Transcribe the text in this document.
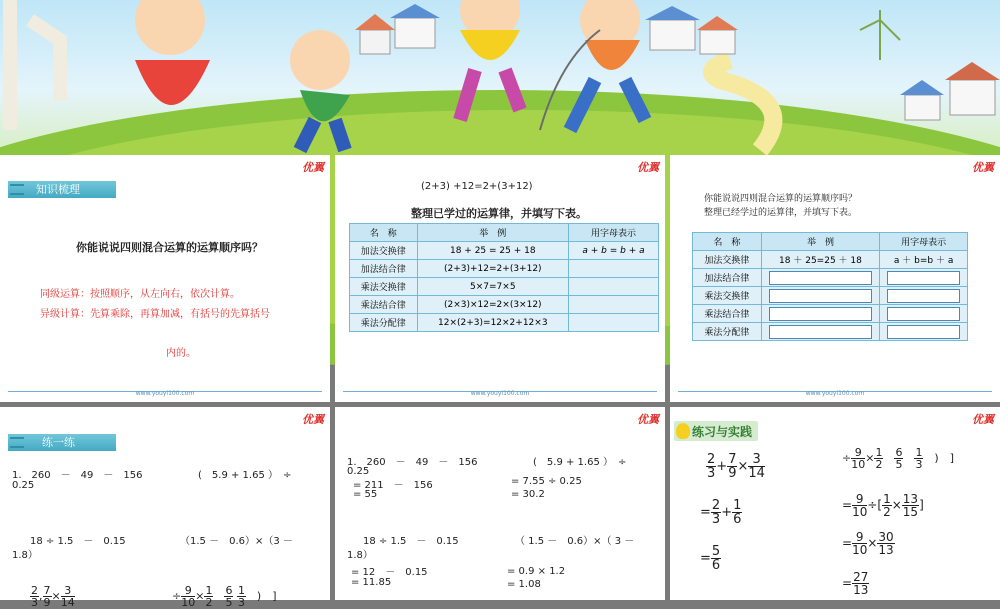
优翼
知识梳理
你能说说四则混合运算的运算顺序吗？
同级运算：按照顺序，从左向右，依次计算。
异级计算：先算乘除，再算加减，有括号的先算括号
内的。
www.youyi100.com
优翼
(2+3) +12=2+(3+12)
整理已学过的运算律，并填写下表。
名　称	举　例	用字母表示
加法交换律	18 + 25 = 25 + 18	a + b = b + a
加法结合律	(2+3)+12=2+(3+12)	
乘法交换律	5×7=7×5	
乘法结合律	(2×3)×12=2×(3×12)	
乘法分配律	12×(2+3)=12×2+12×3	
www.youyi100.com
优翼
你能说说四则混合运算的运算顺序吗？
整理已经学过的运算律，并填写下表。
名　称	举　例	用字母表示
加法交换律	18 ＋ 25=25 ＋ 18	a ＋ b=b ＋ a
加法结合律	

乘法交换律	

乘法结合律	

乘法分配律	

www.youyi100.com
优翼
练一练
1.　260　－　49　－　156	(　5.9 + 1.65 ）　÷
0.25
18 ÷ 1.5　－　0.15	（1.5 －　0.6）×（3 －
1.8）
$\frac{2}{3}$ , $\frac{7}{9} \times \frac{3}{14}$	÷ $\frac{9}{10} \times \frac{1}{2}$
　 $\frac{6}{5}$
$\frac{1}{3}$ 　)　]
优翼
1.　260　－　49　－　156
0.25
= 211　－　156
= 55
(　5.9 + 1.65 ）　÷
= 7.55 ÷ 0.25
= 30.2
18 ÷ 1.5　－　0.15
1.8）
= 12　－　0.15
= 11.85
（ 1.5 －　0.6）×（ 3 －
= 0.9 × 1.2
= 1.08
优翼
练习与实践
$\frac{2}{3} + \frac{7}{9} \times \frac{3}{14}$
= $\frac{2}{3} + \frac{1}{6}$
= $\frac{5}{6}$
÷ $\frac{9}{10} \times \frac{1}{2}$
　 $\frac{6}{5}$
　 $\frac{1}{3}$ 　)　]
= $\frac{9}{10}$ ÷[ $\frac{1}{2} \times \frac{13}{15}$ ]
= $\frac{9}{10} \times \frac{30}{13}$
= $\frac{27}{13}$
